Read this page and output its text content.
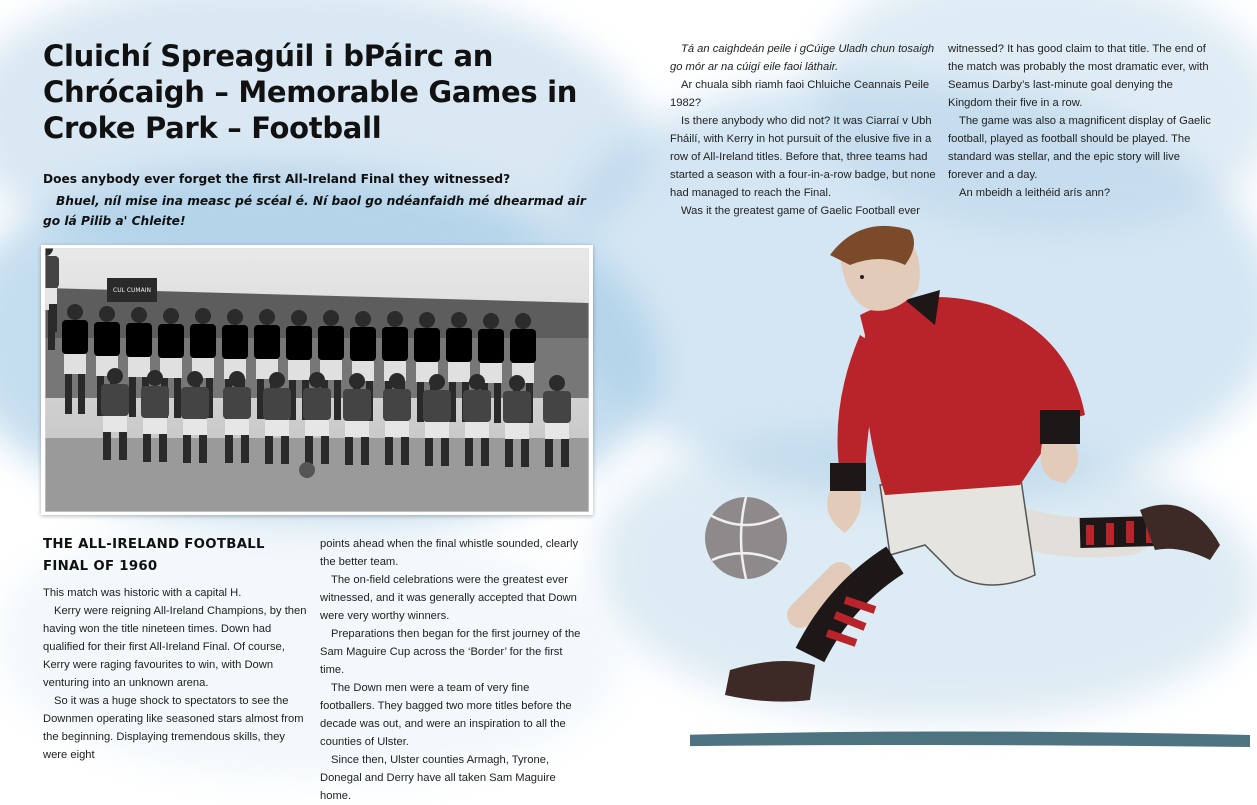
Cluichí Spreagúil i bPáirc an Chrócaigh – Memorable Games in Croke Park – Football
Does anybody ever forget the first All-Ireland Final they witnessed?

Bhuel, níl mise ina measc pé scéal é. Ní baol go ndéanfaidh mé dhearmad air go lá Pilib a' Chleite!

CUL CUMAIN
THE ALL-IRELAND FOOTBALL FINAL OF 1960

This match was historic with a capital H.

Kerry were reigning All-Ireland Champions, by then having won the title nineteen times. Down had qualified for their first All-Ireland Final. Of course, Kerry were raging favourites to win, with Down venturing into an unknown arena.

So it was a huge shock to spectators to see the Downmen operating like seasoned stars almost from the beginning. Displaying tremendous skills, they were eight

points ahead when the final whistle sounded, clearly the better team.

The on-field celebrations were the greatest ever witnessed, and it was generally accepted that Down were very worthy winners.

Preparations then began for the first journey of the Sam Maguire Cup across the ‘Border’ for the first time.

The Down men were a team of very fine footballers. They bagged two more titles before the decade was out, and were an inspiration to all the counties of Ulster.

Since then, Ulster counties Armagh, Tyrone, Donegal and Derry have all taken Sam Maguire home.

Tá an caighdeán peile i gCúige Uladh chun tosaigh go mór ar na cúigí eile faoi láthair.

Ar chuala sibh riamh faoi Chluiche Ceannais Peile 1982?

Is there anybody who did not? It was Ciarraí v Ubh Fháilí, with Kerry in hot pursuit of the elusive five in a row of All-Ireland titles. Before that, three teams had started a season with a four-in-a-row badge, but none had managed to reach the Final.

Was it the greatest game of Gaelic Football ever

witnessed? It has good claim to that title. The end of the match was probably the most dramatic ever, with Seamus Darby’s last-minute goal denying the Kingdom their five in a row.

The game was also a magnificent display of Gaelic football, played as football should be played. The standard was stellar, and the epic story will live forever and a day.

An mbeidh a leithéid arís ann?
